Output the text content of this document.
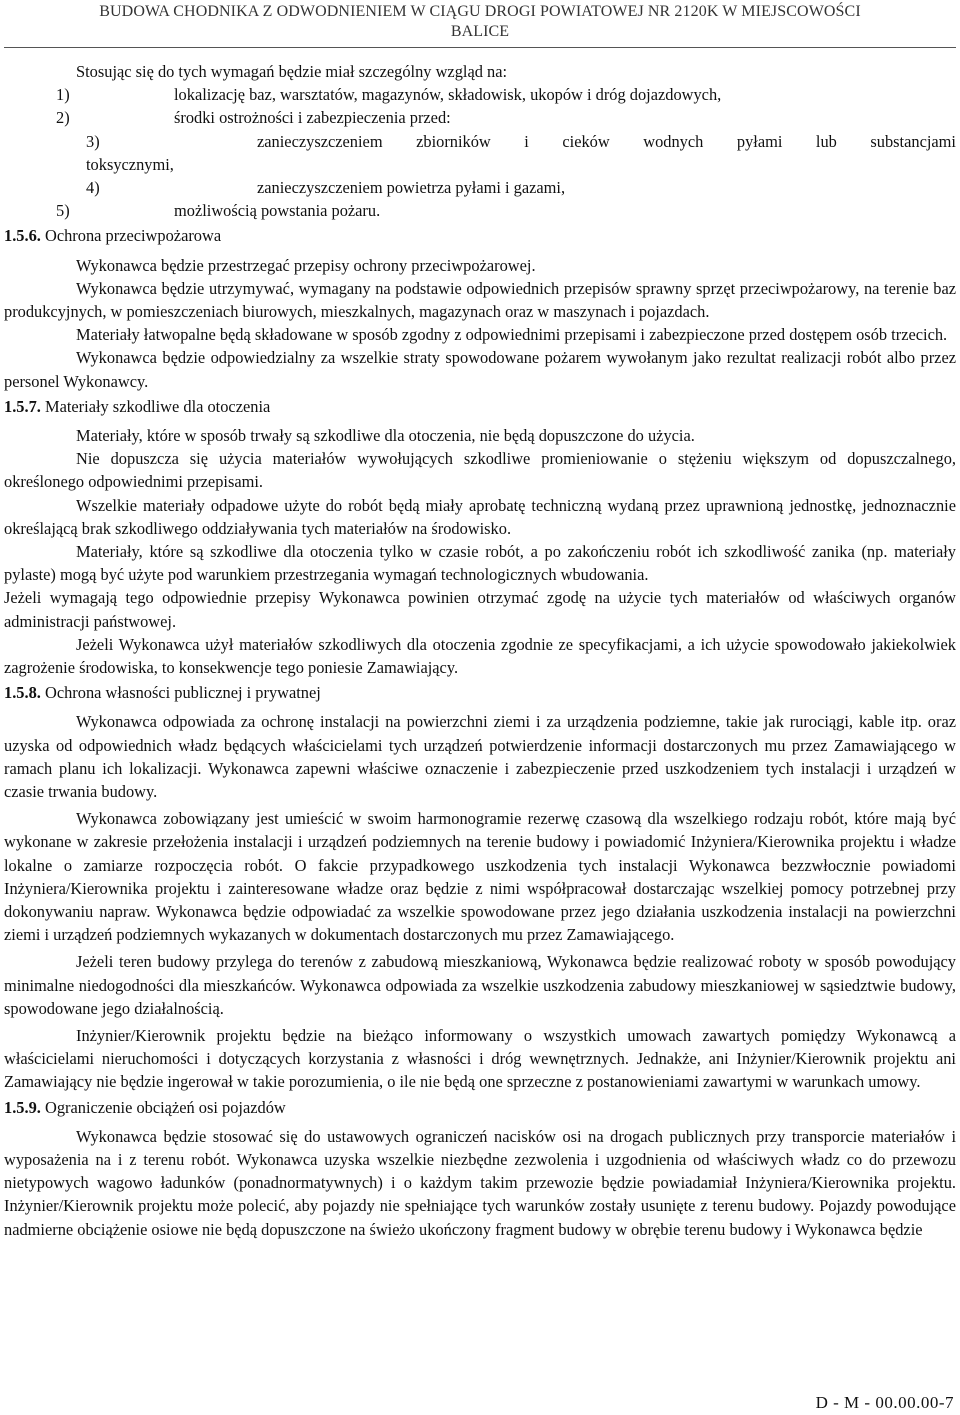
BUDOWA CHODNIKA Z ODWODNIENIEM W CIĄGU DROGI POWIATOWEJ NR 2120K W MIEJSCOWOŚCI
BALICE

Stosując się do tych wymagań będzie miał szczególny wzgląd na:

1)	lokalizację baz, warsztatów, magazynów, składowisk, ukopów i dróg dojazdowych,
2)	środki ostrożności i zabezpieczenia przed:
3)	zanieczyszczeniem zbiorników i cieków wodnych pyłami lub substancjami
toksycznymi,
4)	zanieczyszczeniem powietrza pyłami i gazami,
5)	możliwością powstania pożaru.
1.5.6. Ochrona przeciwpożarowa

Wykonawca będzie przestrzegać przepisy ochrony przeciwpożarowej.

Wykonawca będzie utrzymywać, wymagany na podstawie odpowiednich przepisów sprawny sprzęt przeciwpożarowy, na terenie baz produkcyjnych, w pomieszczeniach biurowych, mieszkalnych, magazynach oraz w maszynach i pojazdach.

Materiały łatwopalne będą składowane w sposób zgodny z odpowiednimi przepisami i zabezpieczone przed dostępem osób trzecich.

Wykonawca będzie odpowiedzialny za wszelkie straty spowodowane pożarem wywołanym jako rezultat realizacji robót albo przez personel Wykonawcy.

1.5.7. Materiały szkodliwe dla otoczenia

Materiały, które w sposób trwały są szkodliwe dla otoczenia, nie będą dopuszczone do użycia.

Nie dopuszcza się użycia materiałów wywołujących szkodliwe promieniowanie o stężeniu większym od dopuszczalnego, określonego odpowiednimi przepisami.

Wszelkie materiały odpadowe użyte do robót będą miały aprobatę techniczną wydaną przez uprawnioną jednostkę, jednoznacznie określającą brak szkodliwego oddziaływania tych materiałów na środowisko.

Materiały, które są szkodliwe dla otoczenia tylko w czasie robót, a po zakończeniu robót ich szkodliwość zanika (np. materiały pylaste) mogą być użyte pod warunkiem przestrzegania wymagań technologicznych wbudowania.

Jeżeli wymagają tego odpowiednie przepisy Wykonawca powinien otrzymać zgodę na użycie tych materiałów od właściwych organów administracji państwowej.

Jeżeli Wykonawca użył materiałów szkodliwych dla otoczenia zgodnie ze specyfikacjami, a ich użycie spowodowało jakiekolwiek zagrożenie środowiska, to konsekwencje tego poniesie Zamawiający.

1.5.8. Ochrona własności publicznej i prywatnej

Wykonawca odpowiada za ochronę instalacji na powierzchni ziemi i za urządzenia podziemne, takie jak rurociągi, kable itp. oraz uzyska od odpowiednich władz będących właścicielami tych urządzeń potwierdzenie informacji dostarczonych mu przez Zamawiającego w ramach planu ich lokalizacji. Wykonawca zapewni właściwe oznaczenie i zabezpieczenie przed uszkodzeniem tych instalacji i urządzeń w czasie trwania budowy.

Wykonawca zobowiązany jest umieścić w swoim harmonogramie rezerwę czasową dla wszelkiego rodzaju robót, które mają być wykonane w zakresie przełożenia instalacji i urządzeń podziemnych na terenie budowy i powiadomić Inżyniera/Kierownika projektu i władze lokalne o zamiarze rozpoczęcia robót. O fakcie przypadkowego uszkodzenia tych instalacji Wykonawca bezzwłocznie powiadomi Inżyniera/Kierownika projektu i zainteresowane władze oraz będzie z nimi współpracował dostarczając wszelkiej pomocy potrzebnej przy dokonywaniu napraw. Wykonawca będzie odpowiadać za wszelkie spowodowane przez jego działania uszkodzenia instalacji na powierzchni ziemi i urządzeń podziemnych wykazanych w dokumentach dostarczonych mu przez Zamawiającego.

Jeżeli teren budowy przylega do terenów z zabudową mieszkaniową, Wykonawca będzie realizować roboty w sposób powodujący minimalne niedogodności dla mieszkańców. Wykonawca odpowiada za wszelkie uszkodzenia zabudowy mieszkaniowej w sąsiedztwie budowy, spowodowane jego działalnością.

Inżynier/Kierownik projektu będzie na bieżąco informowany o wszystkich umowach zawartych pomiędzy Wykonawcą a właścicielami nieruchomości i dotyczących korzystania z własności i dróg wewnętrznych. Jednakże, ani Inżynier/Kierownik projektu ani Zamawiający nie będzie ingerował w takie porozumienia, o ile nie będą one sprzeczne z postanowieniami zawartymi w warunkach umowy.

1.5.9. Ograniczenie obciążeń osi pojazdów

Wykonawca będzie stosować się do ustawowych ograniczeń nacisków osi na drogach publicznych przy transporcie materiałów i wyposażenia na i z terenu robót. Wykonawca uzyska wszelkie niezbędne zezwolenia i uzgodnienia od właściwych władz co do przewozu nietypowych wagowo ładunków (ponadnormatywnych) i o każdym takim przewozie będzie powiadamiał Inżyniera/Kierownika projektu. Inżynier/Kierownik projektu może polecić, aby pojazdy nie spełniające tych warunków zostały usunięte z terenu budowy. Pojazdy powodujące nadmierne obciążenie osiowe nie będą dopuszczone na świeżo ukończony fragment budowy w obrębie terenu budowy i Wykonawca będzie

D - M - 00.00.00-7
